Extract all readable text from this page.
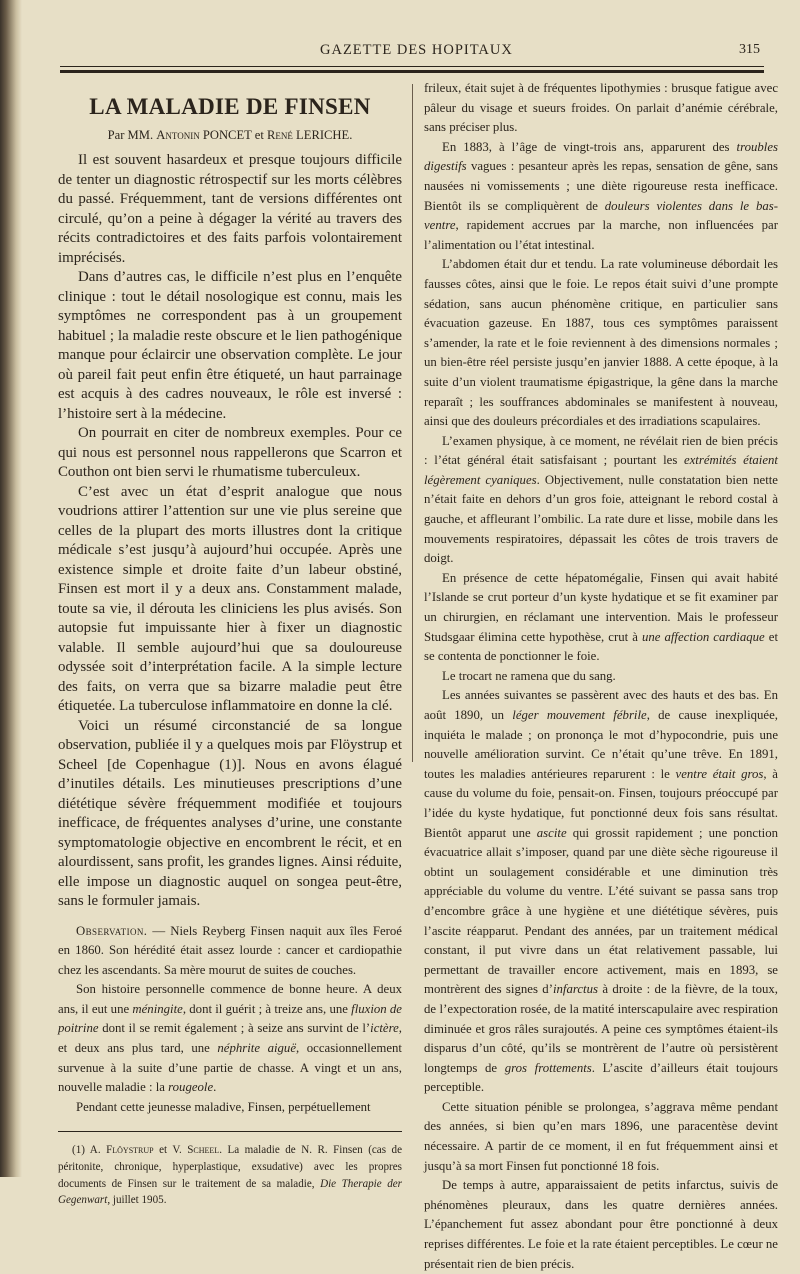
GAZETTE DES HOPITAUX	315
LA MALADIE DE FINSEN
Par MM. Antonin PONCET et René LERICHE.

Il est souvent hasardeux et presque toujours difficile de tenter un diagnostic rétrospectif sur les morts célèbres du passé. Fréquemment, tant de versions différentes ont circulé, qu’on a peine à dégager la vérité au travers des récits contradictoires et des faits parfois volontairement imprécisés.

Dans d’autres cas, le difficile n’est plus en l’enquête clinique : tout le détail nosologique est connu, mais les symptômes ne correspondent pas à un groupement habituel ; la maladie reste obscure et le lien pathogénique manque pour éclaircir une observation complète. Le jour où pareil fait peut enfin être étiqueté, un haut parrainage est acquis à des cadres nouveaux, le rôle est inversé : l’histoire sert à la médecine.

On pourrait en citer de nombreux exemples. Pour ce qui nous est personnel nous rappellerons que Scarron et Couthon ont bien servi le rhumatisme tuberculeux.

C’est avec un état d’esprit analogue que nous voudrions attirer l’attention sur une vie plus sereine que celles de la plupart des morts illustres dont la critique médicale s’est jusqu’à aujourd’hui occupée. Après une existence simple et droite faite d’un labeur obstiné, Finsen est mort il y a deux ans. Constamment malade, toute sa vie, il dérouta les cliniciens les plus avisés. Son autopsie fut impuissante hier à fixer un diagnostic valable. Il semble aujourd’hui que sa douloureuse odyssée soit d’interprétation facile. A la simple lecture des faits, on verra que sa bizarre maladie peut être étiquetée. La tuberculose inflammatoire en donne la clé.

Voici un résumé circonstancié de sa longue observation, publiée il y a quelques mois par Flöystrup et Scheel [de Copenhague (1)]. Nous en avons élagué d’inutiles détails. Les minutieuses prescriptions d’une diététique sévère fréquemment modifiée et toujours inefficace, de fréquentes analyses d’urine, une constante symptomatologie objective en encombrent le récit, et en alourdissent, sans profit, les grandes lignes. Ainsi réduite, elle impose un diagnostic auquel on songea peut-être, sans le formuler jamais.

Observation. — Niels Reyberg Finsen naquit aux îles Feroé en 1860. Son hérédité était assez lourde : cancer et cardiopathie chez les ascendants. Sa mère mourut de suites de couches.

Son histoire personnelle commence de bonne heure. A deux ans, il eut une méningite, dont il guérit ; à treize ans, une fluxion de poitrine dont il se remit également ; à seize ans survint de l’ictère, et deux ans plus tard, une néphrite aiguë, occasionnellement survenue à la suite d’une partie de chasse. A vingt et un ans, nouvelle maladie : la rougeole.

Pendant cette jeunesse maladive, Finsen, perpétuellement

(1) A. Flöystrup et V. Scheel. La maladie de N. R. Finsen (cas de péritonite, chronique, hyperplastique, exsudative) avec les propres documents de Finsen sur le traitement de sa maladie, Die Therapie der Gegenwart, juillet 1905.

frileux, était sujet à de fréquentes lipothymies : brusque fatigue avec pâleur du visage et sueurs froides. On parlait d’anémie cérébrale, sans préciser plus.

En 1883, à l’âge de vingt-trois ans, apparurent des troubles digestifs vagues : pesanteur après les repas, sensation de gêne, sans nausées ni vomissements ; une diète rigoureuse resta inefficace. Bientôt ils se compliquèrent de douleurs violentes dans le bas-ventre, rapidement accrues par la marche, non influencées par l’alimentation ou l’état intestinal.

L’abdomen était dur et tendu. La rate volumineuse débordait les fausses côtes, ainsi que le foie. Le repos était suivi d’une prompte sédation, sans aucun phénomène critique, en particulier sans évacuation gazeuse. En 1887, tous ces symptômes paraissent s’amender, la rate et le foie reviennent à des dimensions normales ; un bien-être réel persiste jusqu’en janvier 1888. A cette époque, à la suite d’un violent traumatisme épigastrique, la gêne dans la marche reparaît ; les souffrances abdominales se manifestent à nouveau, ainsi que des douleurs précordiales et des irradiations scapulaires.

L’examen physique, à ce moment, ne révélait rien de bien précis : l’état général était satisfaisant ; pourtant les extrémités étaient légèrement cyaniques. Objectivement, nulle constatation bien nette n’était faite en dehors d’un gros foie, atteignant le rebord costal à gauche, et affleurant l’ombilic. La rate dure et lisse, mobile dans les mouvements respiratoires, dépassait les côtes de trois travers de doigt.

En présence de cette hépatomégalie, Finsen qui avait habité l’Islande se crut porteur d’un kyste hydatique et se fit examiner par un chirurgien, en réclamant une intervention. Mais le professeur Studsgaar élimina cette hypothèse, crut à une affection cardiaque et se contenta de ponctionner le foie.

Le trocart ne ramena que du sang.

Les années suivantes se passèrent avec des hauts et des bas. En août 1890, un léger mouvement fébrile, de cause inexpliquée, inquiéta le malade ; on prononça le mot d’hypocondrie, puis une nouvelle amélioration survint. Ce n’était qu’une trêve. En 1891, toutes les maladies antérieures reparurent : le ventre était gros, à cause du volume du foie, pensait-on. Finsen, toujours préoccupé par l’idée du kyste hydatique, fut ponctionné deux fois sans résultat. Bientôt apparut une ascite qui grossit rapidement ; une ponction évacuatrice allait s’imposer, quand par une diète sèche rigoureuse il obtint un soulagement considérable et une diminution très appréciable du volume du ventre. L’été suivant se passa sans trop d’encombre grâce à une hygiène et une diététique sévères, puis l’ascite réapparut. Pendant des années, par un traitement médical constant, il put vivre dans un état relativement passable, lui permettant de travailler encore activement, mais en 1893, se montrèrent des signes d’infarctus à droite : de la fièvre, de la toux, de l’expectoration rosée, de la matité interscapulaire avec respiration diminuée et gros râles surajoutés. A peine ces symptômes étaient-ils disparus d’un côté, qu’ils se montrèrent de l’autre où persistèrent longtemps de gros frottements. L’ascite d’ailleurs était toujours perceptible.

Cette situation pénible se prolongea, s’aggrava même pendant des années, si bien qu’en mars 1896, une paracentèse devint nécessaire. A partir de ce moment, il en fut fréquemment ainsi et jusqu’à sa mort Finsen fut ponctionné 18 fois.

De temps à autre, apparaissaient de petits infarctus, suivis de phénomènes pleuraux, dans les quatre dernières années. L’épanchement fut assez abondant pour être ponctionné à deux reprises différentes. Le foie et la rate étaient perceptibles. Le cœur ne présentait rien de bien précis.
